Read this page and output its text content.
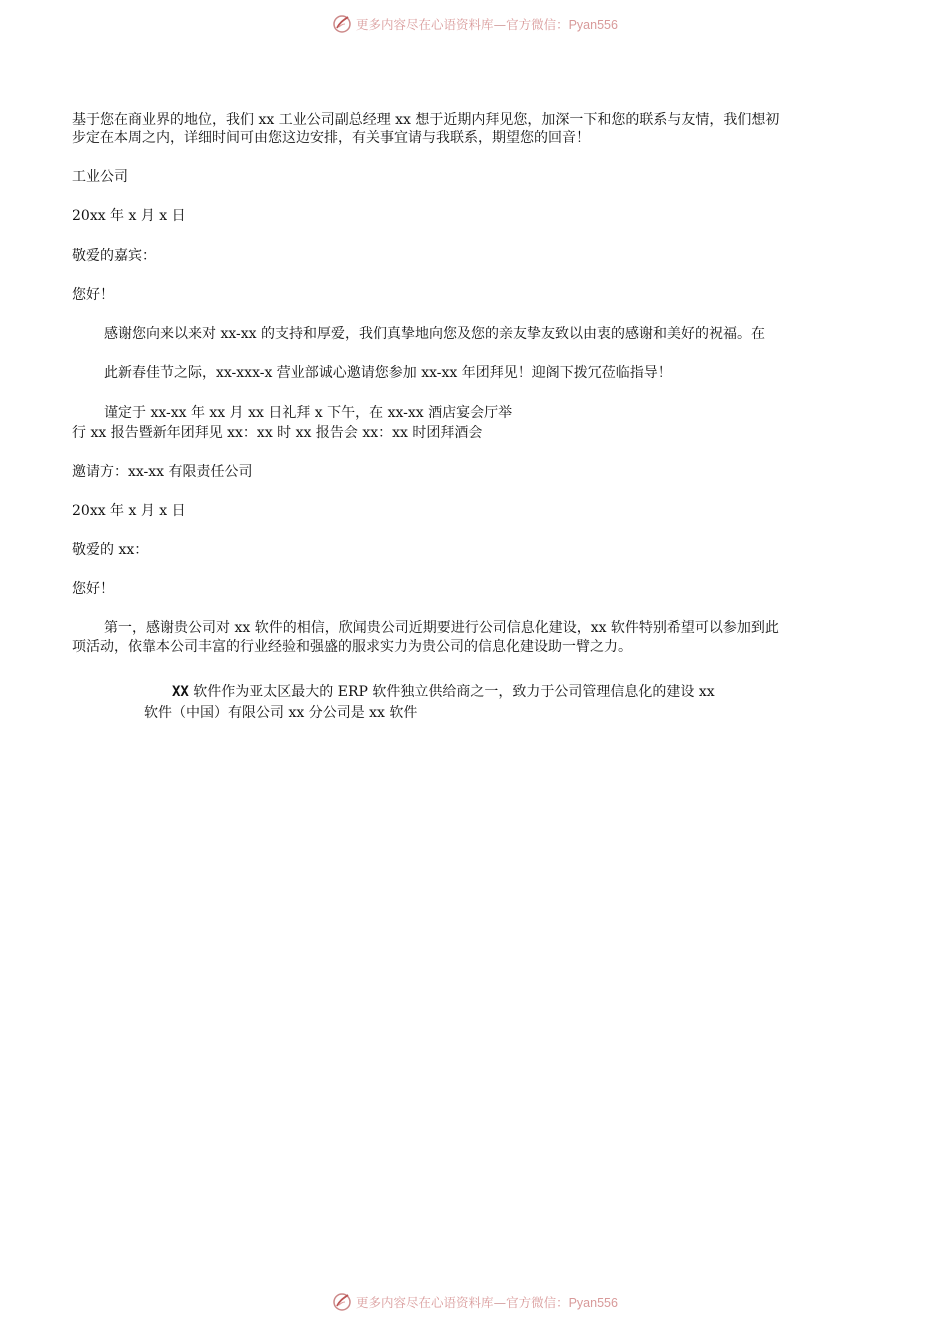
更多内容尽在心语资料库—官方微信：Pyan556
基于您在商业界的地位，我们 xx 工业公司副总经理 xx 想于近期内拜见您，加深一下和您的联系与友情，我们想初
步定在本周之内，详细时间可由您这边安排，有关事宜请与我联系，期望您的回音！
工业公司
20xx 年 x 月 x 日
敬爱的嘉宾：
您好！
感谢您向来以来对 xx-xx 的支持和厚爱，我们真挚地向您及您的亲友挚友致以由衷的感谢和美好的祝福。在
此新春佳节之际，xx-xxx-x 营业部诚心邀请您参加 xx-xx 年团拜见！迎阁下拨冗莅临指导！
谨定于 xx-xx 年 xx 月 xx 日礼拜 x 下午，在 xx-xx 酒店宴会厅举
行 xx 报告暨新年团拜见 xx：xx 时 xx 报告会 xx：xx 时团拜酒会
邀请方：xx-xx 有限责任公司
20xx 年 x 月 x 日
敬爱的 xx：
您好！
第一，感谢贵公司对 xx 软件的相信，欣闻贵公司近期要进行公司信息化建设，xx 软件特别希望可以参加到此
项活动，依靠本公司丰富的行业经验和强盛的服求实力为贵公司的信息化建设助一臂之力。
XX 软件作为亚太区最大的 ERP 软件独立供给商之一，致力于公司管理信息化的建设 xx
软件（中国）有限公司 xx 分公司是 xx 软件
更多内容尽在心语资料库—官方微信：Pyan556
